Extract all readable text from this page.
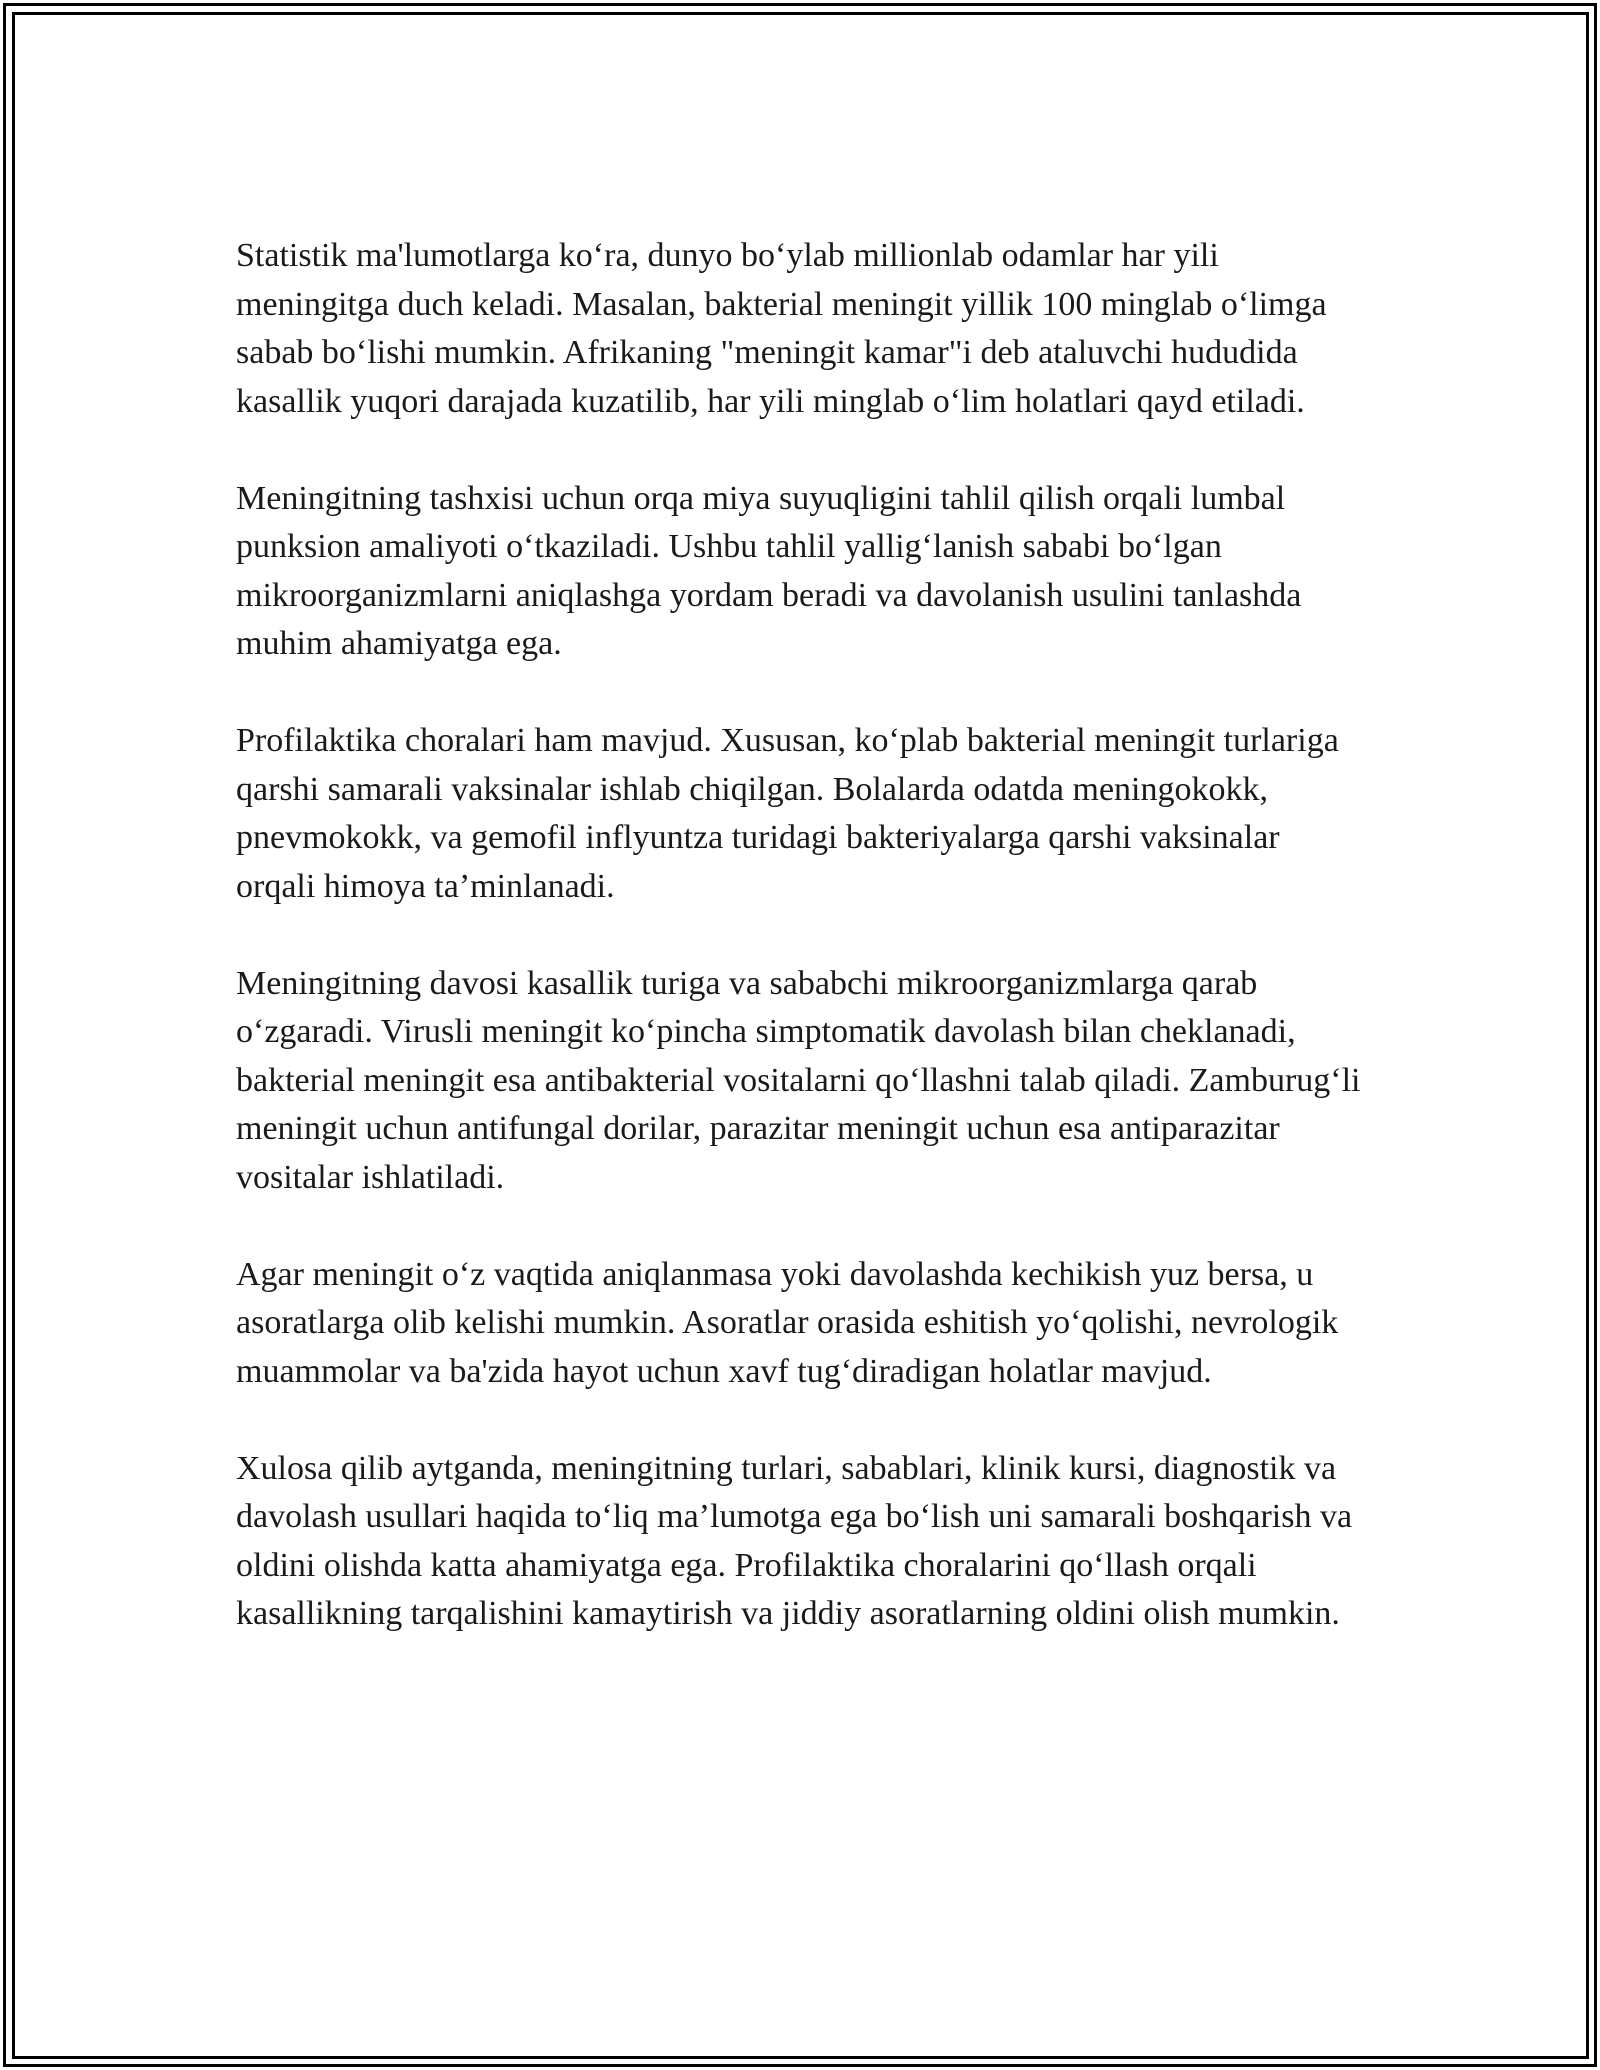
Statistik ma'lumotlarga ko‘ra, dunyo bo‘ylab millionlab odamlar har yili meningitga duch keladi. Masalan, bakterial meningit yillik 100 minglab o‘limga sabab bo‘lishi mumkin. Afrikaning "meningit kamar"i deb ataluvchi hududida kasallik yuqori darajada kuzatilib, har yili minglab o‘lim holatlari qayd etiladi.

Meningitning tashxisi uchun orqa miya suyuqligini tahlil qilish orqali lumbal punksion amaliyoti o‘tkaziladi. Ushbu tahlil yallig‘lanish sababi bo‘lgan mikroorganizmlarni aniqlashga yordam beradi va davolanish usulini tanlashda muhim ahamiyatga ega.

Profilaktika choralari ham mavjud. Xususan, ko‘plab bakterial meningit turlariga qarshi samarali vaksinalar ishlab chiqilgan. Bolalarda odatda meningokokk, pnevmokokk, va gemofil inflyuntza turidagi bakteriyalarga qarshi vaksinalar orqali himoya ta’minlanadi.

Meningitning davosi kasallik turiga va sababchi mikroorganizmlarga qarab o‘zgaradi. Virusli meningit ko‘pincha simptomatik davolash bilan cheklanadi, bakterial meningit esa antibakterial vositalarni qo‘llashni talab qiladi. Zamburug‘li meningit uchun antifungal dorilar, parazitar meningit uchun esa antiparazitar vositalar ishlatiladi.

Agar meningit o‘z vaqtida aniqlanmasa yoki davolashda kechikish yuz bersa, u asoratlarga olib kelishi mumkin. Asoratlar orasida eshitish yo‘qolishi, nevrologik muammolar va ba'zida hayot uchun xavf tug‘diradigan holatlar mavjud.

Xulosa qilib aytganda, meningitning turlari, sabablari, klinik kursi, diagnostik va davolash usullari haqida to‘liq ma’lumotga ega bo‘lish uni samarali boshqarish va oldini olishda katta ahamiyatga ega. Profilaktika choralarini qo‘llash orqali kasallikning tarqalishini kamaytirish va jiddiy asoratlarning oldini olish mumkin.
